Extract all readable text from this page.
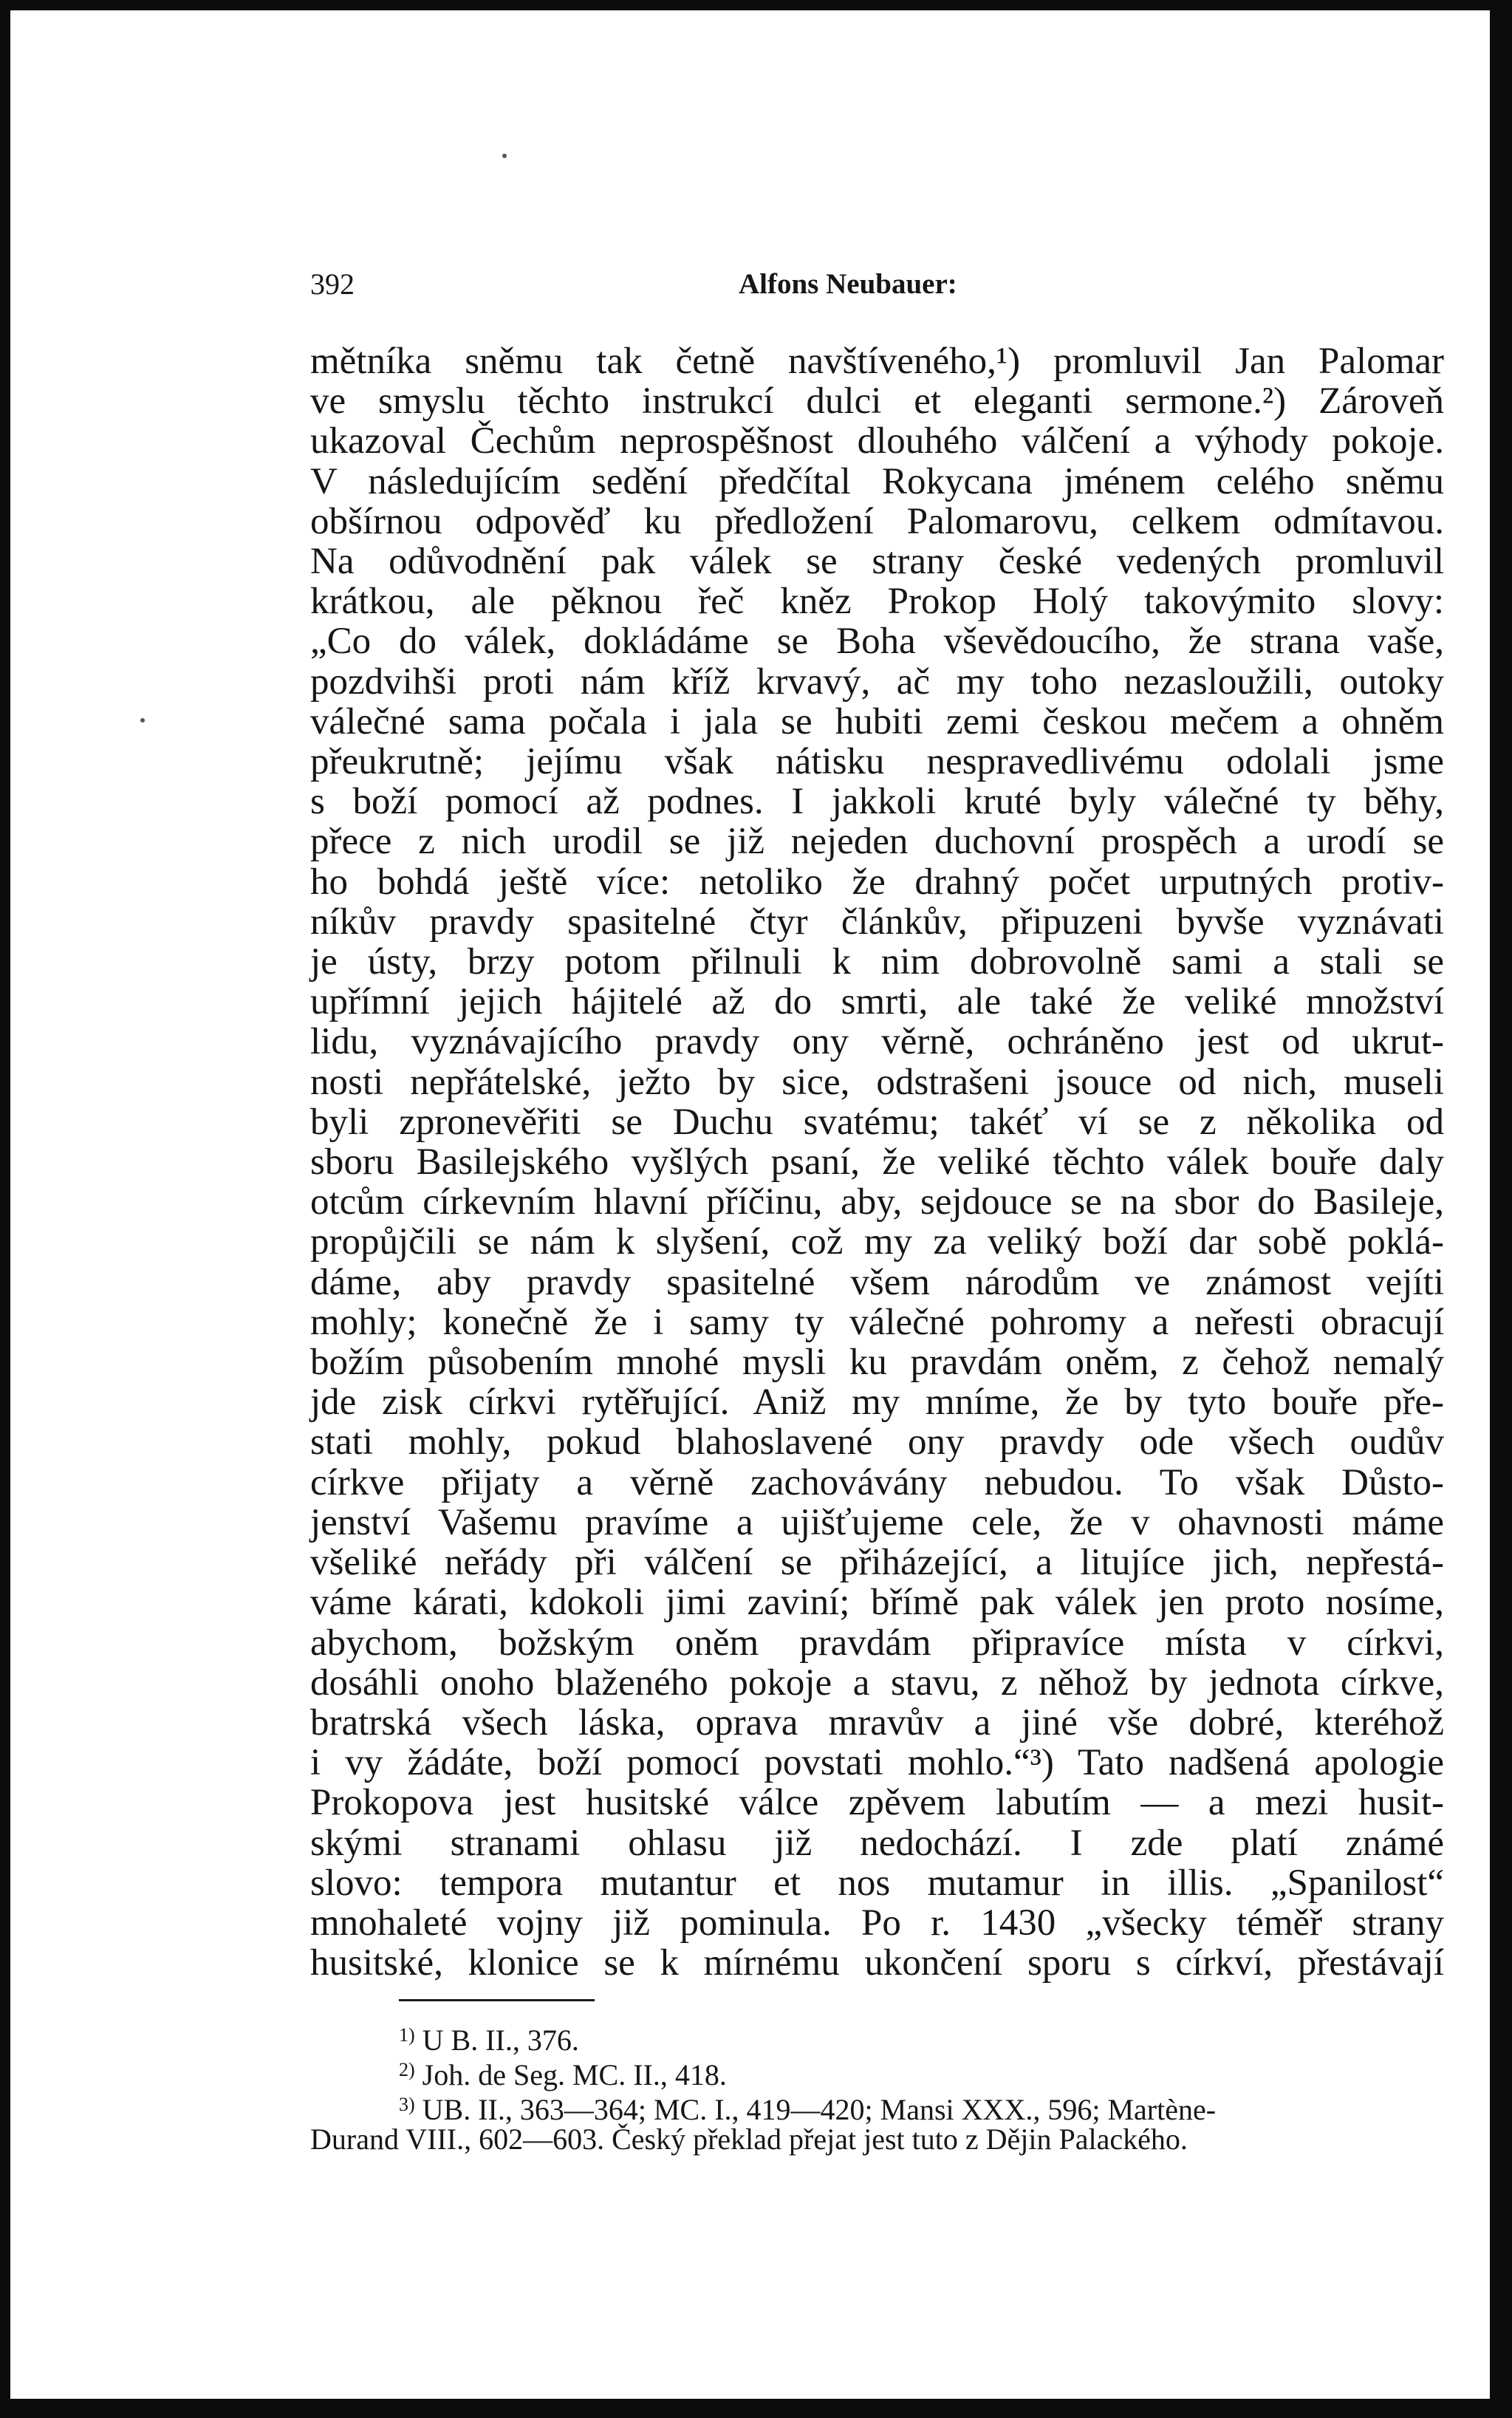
392	Alfons Neubauer:
mětníka sněmu tak četně navštíveného,¹) promluvil Jan Palomar
ve smyslu těchto instrukcí dulci et eleganti sermone.²) Zároveň
ukazoval Čechům neprospěšnost dlouhého válčení a výhody pokoje.
V následujícím sedění předčítal Rokycana jménem celého sněmu
obšírnou odpověď ku předložení Palomarovu, celkem odmítavou.
Na odůvodnění pak válek se strany české vedených promluvil
krátkou, ale pěknou řeč kněz Prokop Holý takovýmito slovy:
„Co do válek, dokládáme se Boha vševědoucího, že strana vaše,
pozdvihši proti nám kříž krvavý, ač my toho nezasloužili, outoky
válečné sama počala i jala se hubiti zemi českou mečem a ohněm
přeukrutně; jejímu však nátisku nespravedlivému odolali jsme
s boží pomocí až podnes. I jakkoli kruté byly válečné ty běhy,
přece z nich urodil se již nejeden duchovní prospěch a urodí se
ho bohdá ještě více: netoliko že drahný počet urputných protiv-
níkův pravdy spasitelné čtyr článkův, připuzeni byvše vyznávati
je ústy, brzy potom přilnuli k nim dobrovolně sami a stali se
upřímní jejich hájitelé až do smrti, ale také že veliké množství
lidu, vyznávajícího pravdy ony věrně, ochráněno jest od ukrut-
nosti nepřátelské, ježto by sice, odstrašeni jsouce od nich, museli
byli zpronevěřiti se Duchu svatému; takéť ví se z několika od
sboru Basilejského vyšlých psaní, že veliké těchto válek bouře daly
otcům církevním hlavní příčinu, aby, sejdouce se na sbor do Basileje,
propůjčili se nám k slyšení, což my za veliký boží dar sobě poklá-
dáme, aby pravdy spasitelné všem národům ve známost vejíti
mohly; konečně že i samy ty válečné pohromy a neřesti obracují
božím působením mnohé mysli ku pravdám oněm, z čehož nemalý
jde zisk církvi rytěřující. Aniž my mníme, že by tyto bouře pře-
stati mohly, pokud blahoslavené ony pravdy ode všech oudův
církve přijaty a věrně zachovávány nebudou. To však Důsto-
jenství Vašemu pravíme a ujišťujeme cele, že v ohavnosti máme
všeliké neřády při válčení se přiházející, a litujíce jich, nepřestá-
váme kárati, kdokoli jimi zaviní; břímě pak válek jen proto nosíme,
abychom, božským oněm pravdám připravíce místa v církvi,
dosáhli onoho blaženého pokoje a stavu, z něhož by jednota církve,
bratrská všech láska, oprava mravův a jiné vše dobré, kteréhož
i vy žádáte, boží pomocí povstati mohlo.“³) Tato nadšená apologie
Prokopova jest husitské válce zpěvem labutím — a mezi husit-
skými stranami ohlasu již nedochází. I zde platí známé
slovo: tempora mutantur et nos mutamur in illis. „Spanilost“
mnohaleté vojny již pominula. Po r. 1430 „všecky téměř strany
husitské, klonice se k mírnému ukončení sporu s církví, přestávají
$^{1)}$ U B. II., 376.
$^{2)}$ Joh. de Seg. MC. II., 418.
$^{3)}$ UB. II., 363—364; MC. I., 419—420; Mansi XXX., 596; Martène-
Durand VIII., 602—603. Český překlad přejat jest tuto z Dějin Palackého.
